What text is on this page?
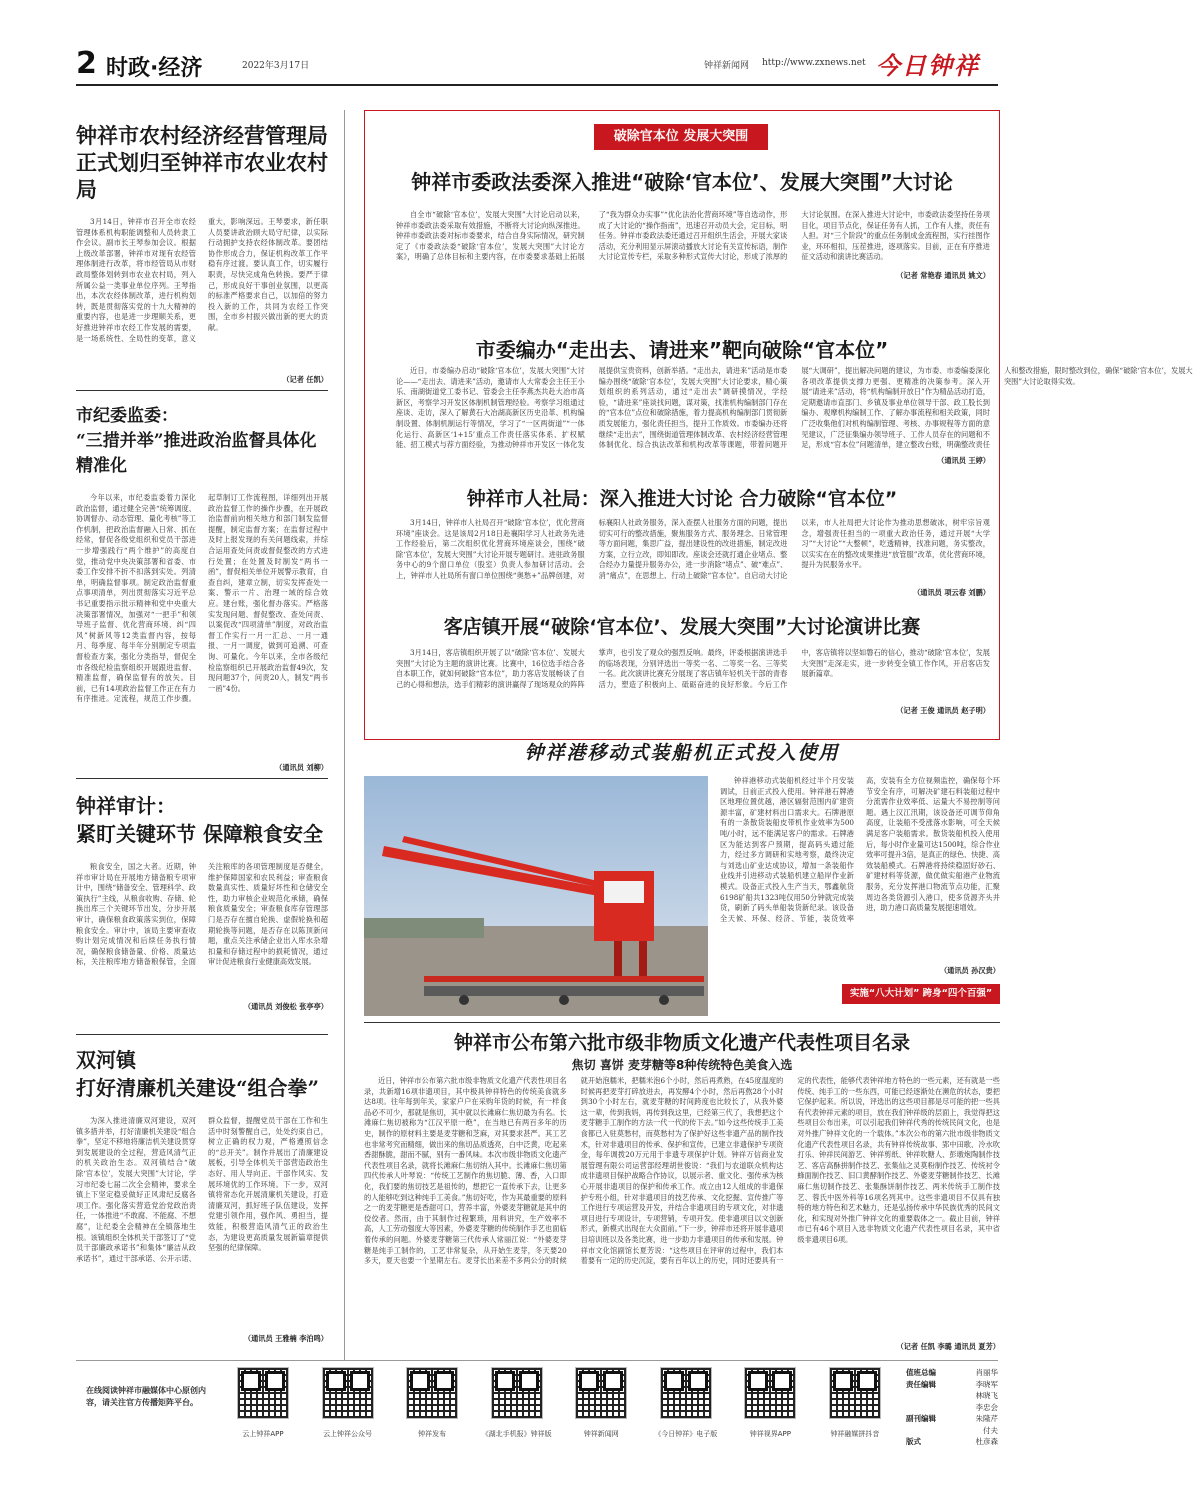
2 时政·经济	2022年3月17日	钟祥新闻网 http://www.zxnews.net 今日钟祥
钟祥市农村经济经营管理局
正式划归至钟祥市农业农村局
3月14日，钟祥市召开全市农经管理体系机构职能调整和人员转隶工作会议。副市长王琴参加会议。根据上级改革部署，钟祥市对现有农经管理体制进行改革，将市经管局从市财政局整体划转到市农业农村局，列入所属公益一类事业单位序列。王琴指出，本次农经体制改革，进行机构划转，既是贯彻落实党的十九大精神的重要内容，也是进一步理顺关系，更好推进钟祥市农经工作发展的需要，是一场系统性、全局性的变革，意义重大，影响深远。王琴要求，新任职人员要讲政治顾大局守纪律，以实际行动拥护支持农经体制改革。要团结协作形成合力，保证机构改革工作平稳有序过渡。要认真工作，切实履行职责，尽快完成角色转换。要严于律己，形成良好干事创业氛围，以更高的标准严格要求自己，以加倍的努力投入新的工作，共同为农经工作突围，全市乡村振兴做出新的更大的贡献。
（记者 任凯）
市纪委监委：
“三措并举”推进政治监督具体化精准化
今年以来，市纪委监委着力深化政治监督，通过健全完善“统筹调度、协调督办、动态管理、量化考核”等工作机制，把政治监督融入日常、抓在经常，督促各级党组织和党员干部进一步增强践行“两个维护”的高度自觉，推动党中央决策部署和省委、市委工作安排不折不扣落到实处。列清单，明确监督事项。制定政治监督重点事项清单，列出贯彻落实习近平总书记重要指示批示精神和党中央重大决策部署情况，加强对“一把手”和领导班子监督、优化营商环境、纠“四风”树新风等12类监督内容，按每月、每季度、每半年分别制定专项监督检查方案，强化分类指导，督促全市各级纪检监察组织开展跟进监督、精准监督，确保监督有的放矢。目前，已有14项政治监督工作正在有力有序推进。定流程，规范工作步骤。起草制订工作流程图，详细列出开展政治监督工作的操作步骤，在开展政治监督前向相关地方和部门制发监督提醒，制定监督方案；在监督过程中及时上报发现的有关问题线索，并综合运用查处问责或督促整改的方式进行处置；在处置及时制发“两书一函”，督促相关单位开展警示教育，自查自纠，建章立制，切实发挥查处一案、警示一片、治理一域的综合效应。建台账，强化督办落实。严格落实发现问题、督促整改、查处问责、以案促改“四项清单”制度，对政治监督工作实行一月一汇总、一月一通报、一月一调度，做到可追溯、可查询、可量化。今年以来，全市各级纪检监察组织已开展政治监督49次，发现问题37个，问责20人，制发“两书一函”4份。
（通讯员 刘柳）
钟祥审计：
紧盯关键环节 保障粮食安全
粮食安全，国之大者。近期，钟祥市审计局在开展地方储备粮专项审计中，围绕“储备安全、管理科学、政策执行”主线，从粮食收购、存储、轮换出库三个关键环节出发，分步开展审计，确保粮食政策落实到位，保障粮食安全。审计中，该局主要审查收购计划完成情况和后续任务执行情况，确保粮食储备量、价格、质量达标，关注粮库地方储备粮保管，全面关注粮库的各项管理制度是否健全，维护保障国家和农民利益；审查粮食数量真实性、质量好坏性和仓储安全性，助力审核企业规范化承储，确保粮食质量安全；审查粮食库存管理部门是否存在擅自轮换、虚假轮换和超期轮换等问题，是否存在以陈顶新问题，重点关注承储企业出入库水杂增扣量和存储过程中的损耗情况，通过审计促进粮食行业健康高效发展。
（通讯员 刘俊松 张亭亭）
双河镇
打好清廉机关建设“组合拳”
为深入推进清廉双河建设，双河镇多措并举，打好清廉机关建设“组合拳”，坚定不移地将廉洁机关建设贯穿到发展建设的全过程，营造风清气正的机关政治生态。双河镇结合“破除‘官本位’，发展大突围”大讨论，学习市纪委七届二次全会精神，要求全镇上下坚定稳妥做好正风肃纪反腐各项工作。强化落实营造党治党政治责任，一体推进“不敢腐、不能腐、不想腐”，让纪委全会精神在全镇落地生根。该镇组织全体机关干部签订了“党员干部廉政承诺书”和集体“廉洁从政承诺书”，通过干部承诺、公开示诺、群众监督，提醒党员干部在工作和生活中时刻警醒自己，处处约束自己，树立正确的权力观，严格遵照信念的“总开关”。制作并展出了清廉建设展板，引导全体机关干部营造政治生态好、用人导向正、干部作风实、发展环境优的工作环境。下一步，双河镇将常态化开展清廉机关建设，打造清廉双河，抓好班子队伍建设，发挥党建引领作用，强作风、勇担当，提效能，积极营造风清气正的政治生态，为建设更高质量发展新篇章提供坚强的纪律保障。
（通讯员 王雅楠 李泊鸣）
破除官本位 发展大突围
钟祥市委政法委深入推进“破除‘官本位’、发展大突围”大讨论
自全市“破除‘官本位’，发展大突围”大讨论启动以来，钟祥市委政法委采取有效措施，不断将大讨论向纵深推进。钟祥市委政法委对标市委要求，结合自身实际情况，研究制定了《市委政法委“破除‘官本位’，发展大突围”大讨论方案》，明确了总体目标和主要内容，在市委要求基础上拓展了“我为群众办实事”“优化法治化营商环境”等自选动作，形成了大讨论的“操作指南”，迅速召开动员大会，定目标，明任务。钟祥市委政法委还通过召开组织生活会，开展大家谈活动，充分利用显示屏滚动播放大讨论有关宣传标语，制作大讨论宣传专栏，采取多种形式宣传大讨论，形成了浓厚的大讨论氛围。在深入推进大讨论中，市委政法委坚持任务项目化，项目节点化，保证任务有人抓，工作有人推，责任有人担。对“三个阶段”的重点任务制成金流程图，实行挂图作业，环环相扣，压茬推进，逐项落实。目前，正在有序推进征文活动和演讲比赛活动。
（记者 常艳春 通讯员 姚文）
市委编办“走出去、请进来”靶向破除“官本位”
近日，市委编办启动“破除‘官本位’，发展大突围”大讨论——“走出去、请进来”活动，邀请市人大常委会主任王小乐、南湖街道党工委书记、管委会主任李燕杰共赴大冶市高新区，考察学习开发区体制机制管理经验。考察学习组通过座谈、走访，深入了解黄石大冶湖高新区历史沿革、机构编制设置、体制机制运行等情况，学习了“一区两街道”“一体化运行、高新区‘1+15’重点工作责任落实体系、扩权赋能、招工模式与荐方面经验，为推动钟祥市开发区一体化发展提供宝贵资料，创新举措。“走出去，请进来”活动是市委编办围绕“破除‘官本位’，发展大突围”大讨论要求，精心策划组织的系列活动，通过“走出去”调研摸情况，学经验，“请进来”座谈找问题，谋对策，找准机构编制部门存在的“官本位”点位和破除措施，着力提高机构编制部门贯彻新质发展能力，强化责任担当，提升工作质效。市委编办还将继续“走出去”，围绕街道管理体制改革、农村经济经营管理体制优化、综合执法改革和机构改革等课题，带着问题开展“大调研”，提出解决问题的建议，为市委、市委编委深化各项改革提供支撑力更强、更精准的决策参考。深入开展“请进来”活动，将“机构编制开放日”作为精品活动打造，定期邀请市直部门、乡镇及事业单位领导干部、政工股长到编办、观摩机构编制工作、了解办事流程和相关政策，同时广泛收集他们对机构编制管理、考核、办事规程等方面的意见建议，广泛征集编办领导班子、工作人员存在的问题和不足，形成“官本位”问题清单，建立整改台账，明确整改责任人和整改措施，限时整改到位，确保“破除‘官本位’，发展大突围”大讨论取得实效。
（通讯员 王婷）
钟祥市人社局：深入推进大讨论 合力破除“官本位”
3月14日，钟祥市人社局召开“破除‘官本位’，优化营商环境”座谈会。这是该局2月18日赴襄阳学习人社政务先进工作经验后，第二次组织优化营商环境座谈会，围绕“破除‘官本位’，发展大突围”大讨论开展专题研讨。进驻政务服务中心的9个窗口单位（股室）负责人参加研讨活动。会上，钟祥市人社局所有窗口单位围绕“奥愁+”品牌创建，对标襄阳人社政务服务，深入查摆人社服务方面的问题，提出切实可行的整改措施，聚焦服务方式、服务理念、日常管理等方面问题，集思广益，提出建设性的改进措施，制定改进方案，立行立改，即知即改。座谈会还就打通企业堵点、整合经办力量提升服务办公，进一步消除“堵点”、破“难点”、消“痛点”，在思想上、行动上破除“官本位”。自启动大讨论以来，市人社局把大讨论作为推动思想破冰，树牢宗旨观念，增强责任担当的一项重大政治任务，通过开展“大学习”“大讨论”“大整顿”，吃透精神，找准问题，务实整改，以实实在在的整改成果推进“放管服”改革，优化营商环境，提升为民服务水平。
（通讯员 项云春 刘鹏）
客店镇开展“破除‘官本位’、发展大突围”大讨论演讲比赛
3月14日，客店镇组织开展了以“破除‘官本位’、发展大突围”大讨论为主题的演讲比赛。比赛中，16位选手结合各自本职工作，就如何破除“官本位”，助力客店发展畅谈了自己的心得和想法，选手们精彩的演讲赢得了现场观众的阵阵掌声，也引发了观众的强烈反响。最终，评委根据演讲选手的临场表现，分别评选出一等奖一名、二等奖一名、三等奖一名。此次演讲比赛充分展现了客店镇年轻机关干部的青春活力，塑造了积极向上、砥砺奋进的良好形象。今后工作中，客店镇将以坚如磐石的信心，推动“破除‘官本位’，发展大突围”走深走实，进一步转变全镇工作作风，开启客店发展新篇章。
（记者 王俊 通讯员 赵子明）
钟祥港移动式装船机正式投入使用
钟祥港移动式装船机经过半个月安装调试，日前正式投入使用。钟祥港石牌港区地理位置优越，港区辐射范围内矿建资源丰富，矿建材料出口需求大。石牌港原有的一条散货装船皮带机作业效率为500吨/小时，远不能满足客户的需求。石牌港区为能达到客户预期，提高码头通过能力，经过多方调研和实地考察，最终决定与刘选山矿业达成协议，增加一条装船作业线并引进移动式装船机建立船岸作业新模式。设备正式投入生产当天，鄂鑫航货6198矿船共1323吨仅用50分钟就完成装货，刷新了码头单船装货新纪录。该设备全天候、环保、经济、节能，装货效率高，安装有全方位视频监控，确保每个环节安全有序，可解决矿建石料装船过程中分流需作业效率低、运量大不易控制等问题。遇上汉江汛期，该设备还可调节仰角高度，让装船不受涨落水影响，可全天候满足客户装船需求。散货装船机投入使用后，每小时作业量可达1500吨，综合作业效率可提升3倍，是真正的绿色、快捷、高效装船模式。石牌港将持续稳固好砂石、矿建材料等货源，做优做实船港产业物流服务，充分发挥港口物流节点功能，汇聚周边各类货源引入港口，使多货源齐头并进，助力港口高质量发展提速增效。
（通讯员 孙汉贵）
实施“八大计划” 跨身“四个百强”
钟祥市公布第六批市级非物质文化遗产代表性项目名录
焦切 喜饼 麦芽糖等8种传统特色美食入选
近日，钟祥市公布第六批市级非物质文化遗产代表性项目名录，共新增16项非遗项目，其中极具钟祥特色的传统美食就多达8项。往年每到年关，家家户户在采购年货的时候，有一样食品必不可少，那就是焦切，其中就以长滩麻仁焦切最为有名。长滩麻仁焦切被称为“江汉平原一绝”，在当地已有两百多年的历史，制作的原材料主要是麦芽糖和芝麻，对其要求甚严。其工艺也非常考究而精细，做出来的焦切品质透亮，白中泛黄，吃起来香甜酥脆，甜而不腻，别有一番风味。本次市级非物质文化遗产代表性项目名录，就将长滩麻仁焦切纳入其中。长滩麻仁焦切第四代传承人叶琴说：“传统工艺制作的焦切脆、薄、香，入口即化，我们要的焦切技艺是祖传的，想把它一直传承下去，让更多的人能够吃到这种纯手工美食。”焦切好吃，作为其最重要的原料之一的麦芽糖更是香甜可口，营养丰富，外婆麦芽糖就是其中的佼佼者。然而，由于其制作过程繁琐，用料讲究，生产效率不高，人工劳动强度大等因素，外婆麦芽糖的传统制作手艺也面临着传承的问题。外婆麦芽糖第三代传承人常丽江说：“外婆麦芽糖是纯手工制作的，工艺非常复杂，从开始生麦芽，冬天要20多天，夏天也要一个星期左右。麦芽长出来差不多两公分的时候就开始泡糯米，把糯米泡6个小时，然后再煮熟，在45度温度的时候再把麦芽打碎放进去，再发酵4个小时，然后再熬28个小时到30个小时左右，就麦芽糖的时间跨度也比较长了，从我外婆这一辈，传到我妈，再传到我这里，已经第三代了，我想把这个麦芽糖手工制作的方法一代一代的传下去。”如今这些传统手工美食都已入驻莫愁村，而莫愁村为了保护好这些非遗产品的制作技术，针对非遗项目的传承、保护和宣传，已建立非遗保护专项资金，每年调拨20万元用于非遗专项保护计划。钟祥万信商业发展管理有限公司运营部经理胡世俊说：“我们与农道联众机构达成非遗项目保护战略合作协议，以展示者、重文化、强传承为核心开展非遗项目的保护和传承工作。成立由12人组成的非遗保护专班小组，针对非遗项目的技艺传承、文化挖掘、宣传推广等工作进行专项运营及开发，并结合非遗项目的专项文化，对非遗项目进行专项设计，专项营销，专项开发。使非遗项目以文创新形式，新模式出现在大众面前。”下一步，钟祥市还将开展非遗项目培训班以及各类比赛，进一步助力非遗项目的传承和发展。钟祥市文化馆副馆长夏芳说：“这些项目在评审的过程中，我们本着要有一定的历史沉淀，要有百年以上的历史，同时还要具有一定的代表性，能够代表钟祥地方特色的一些元素，还有就是一些传统、纯手工的一些东西，可能已经逐渐处在濒危的状态，要把它保护起来。所以说，评选出的这些项目都是尽可能的把一些具有代表钟祥元素的项目，放在我们钟祥级的层面上，我觉得把这些项目公布出来，可以引起我们钟祥代秀的传统民间文化，也是对外推广钟祥文化的一个载体。”本次公布的第六批市级非物质文化遗产代表性项目名录，共有钟祥传统故事、郢中田歌、冷水吹打乐、钟祥民间游艺、钟祥剪纸、钟祥吹糖人、彭墩炮陶制作技艺、客店高酥拼制作技艺、张集仙之灵莫粉制作技艺、传统衬令蜂面制作技艺、旧口黄酵制作技艺、外婆麦芽糖制作技艺、长滩麻仁焦切制作技艺、张集酥饼制作技艺、两米传统手工制作技艺、蓉氏中医外科等16项名列其中。这些非遗项目不仅具有独特的地方特色和艺术魅力，还是弘扬传承中华民族优秀的民间文化，和实现对外推广钟祥文化的重要载体之一。截止目前，钟祥市已有46个项目入选非物质文化遗产代表性项目名录，其中省级非遗项目6项。
（记者 任凯 李璐 通讯员 夏芳）
在线阅读钟祥市融媒体中心原创内容，请关注官方传播矩阵平台。
云上钟祥APP	云上钟祥公众号	钟祥发布	《湖北手机报》钟祥版	钟祥新闻网	《今日钟祥》电子版	钟祥视界APP	钟祥融媒拼抖音
值班总编	肖丽华
责任编辑	李晓军
林晓飞
李忠会
副刊编辑	朱隆芹
付夫
版式	杜彦森
